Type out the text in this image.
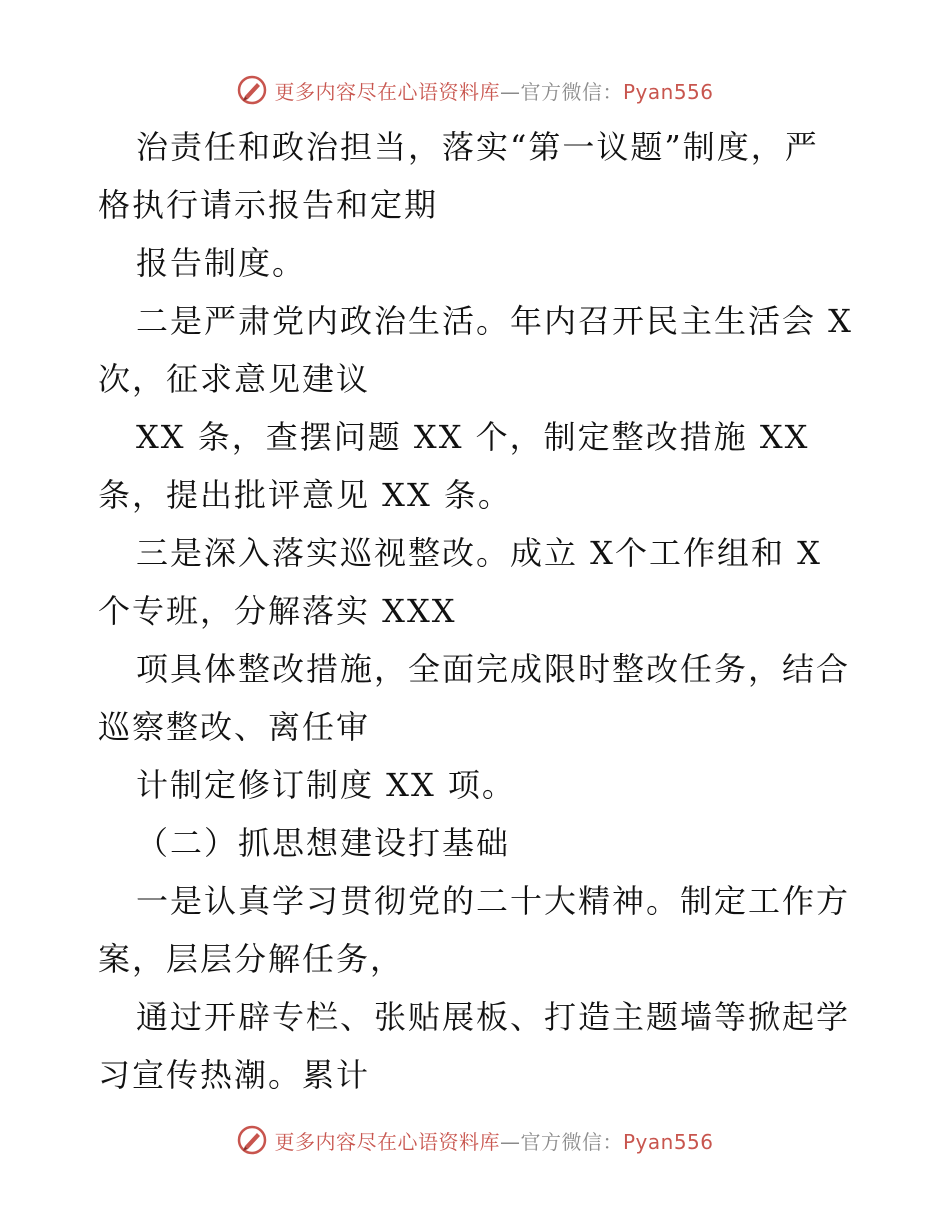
更多内容尽在心语资料库—官方微信：Pyan556
治责任和政治担当，落实“第一议题”制度，严
格执行请示报告和定期
报告制度。
二是严肃党内政治生活。年内召开民主生活会 X
次，征求意见建议
XX 条，查摆问题 XX 个，制定整改措施 XX
条，提出批评意见 XX 条。
三是深入落实巡视整改。成立 X个工作组和 X
个专班，分解落实 XXX
项具体整改措施，全面完成限时整改任务，结合
巡察整改、离任审
计制定修订制度 XX 项。
（二）抓思想建设打基础
一是认真学习贯彻党的二十大精神。制定工作方
案，层层分解任务，
通过开辟专栏、张贴展板、打造主题墙等掀起学
习宣传热潮。累计
更多内容尽在心语资料库—官方微信：Pyan556
